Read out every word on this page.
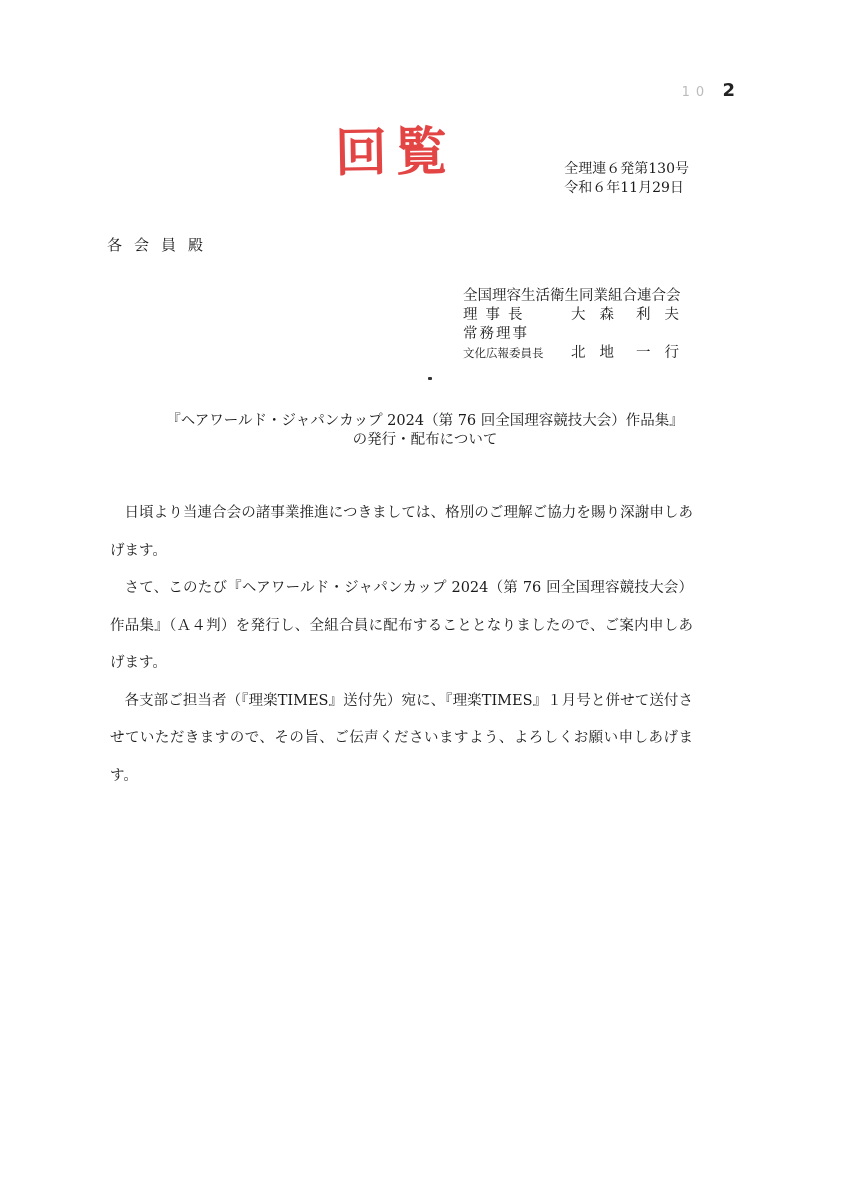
　 10 2
回覧	全理連６発第130号
令和６年11月29日
各会員殿
全国理容生活衛生同業組合連合会
理事長	大森 利夫
常務理事
文化広報委員長	北地 一行
『ヘアワールド・ジャパンカップ 2024（第 76 回全国理容競技大会）作品集』
の発行・配布について

日頃より当連合会の諸事業推進につきましては、格別のご理解ご協力を賜り深謝申しあげます。

さて、このたび『ヘアワールド・ジャパンカップ 2024（第 76 回全国理容競技大会）作品集』（Ａ４判）を発行し、全組合員に配布することとなりましたので、ご案内申しあげます。

各支部ご担当者（『理楽TIMES』送付先）宛に、『理楽TIMES』１月号と併せて送付させていただきますので、その旨、ご伝声くださいますよう、よろしくお願い申しあげます。
